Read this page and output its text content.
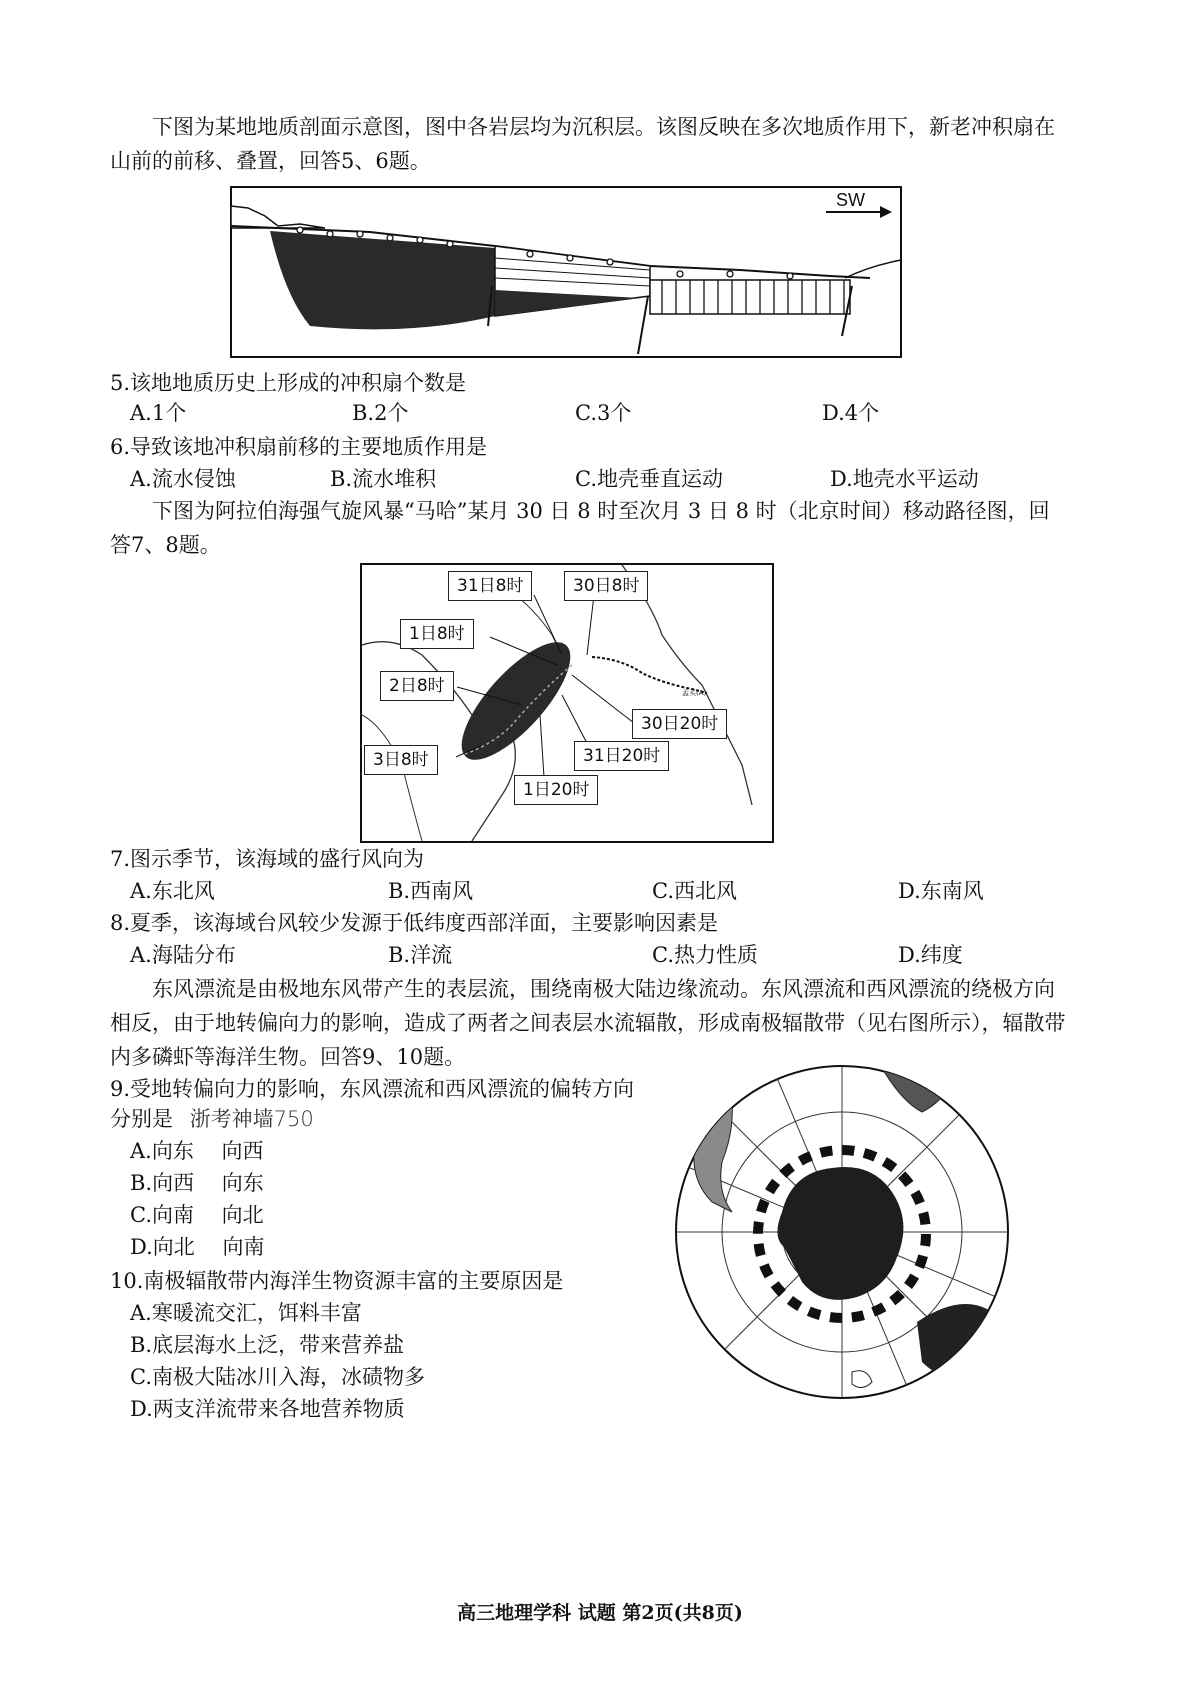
下图为某地地质剖面示意图，图中各岩层均为沉积层。该图反映在多次地质作用下，新老冲积扇在山前的前移、叠置，回答5、6题。
SW
5.该地地质历史上形成的冲积扇个数是
A.1个	B.2个	C.3个	D.4个
6.导致该地冲积扇前移的主要地质作用是
A.流水侵蚀	B.流水堆积	C.地壳垂直运动	D.地壳水平运动
下图为阿拉伯海强气旋风暴“马哈”某月 30 日 8 时至次月 3 日 8 时（北京时间）移动路径图，回答7、8题。
孟买(A)
31日8时	30日8时
1日8时
2日8时
30日20时
31日20时
3日8时
1日20时
7.图示季节，该海域的盛行风向为
A.东北风	B.西南风	C.西北风	D.东南风
8.夏季，该海域台风较少发源于低纬度西部洋面，主要影响因素是
A.海陆分布	B.洋流	C.热力性质	D.纬度
东风漂流是由极地东风带产生的表层流，围绕南极大陆边缘流动。东风漂流和西风漂流的绕极方向相反，由于地转偏向力的影响，造成了两者之间表层水流辐散，形成南极辐散带（见右图所示），辐散带内多磷虾等海洋生物。回答9、10题。
9.受地转偏向力的影响，东风漂流和西风漂流的偏转方向
分别是 浙考神墙750
A.向东　 向西
B.向西　 向东
C.向南　 向北
D.向北　 向南
10.南极辐散带内海洋生物资源丰富的主要原因是
A.寒暖流交汇，饵料丰富
B.底层海水上泛，带来营养盐
C.南极大陆冰川入海，冰碛物多
D.两支洋流带来各地营养物质
高三地理学科 试题 第2页(共8页)
